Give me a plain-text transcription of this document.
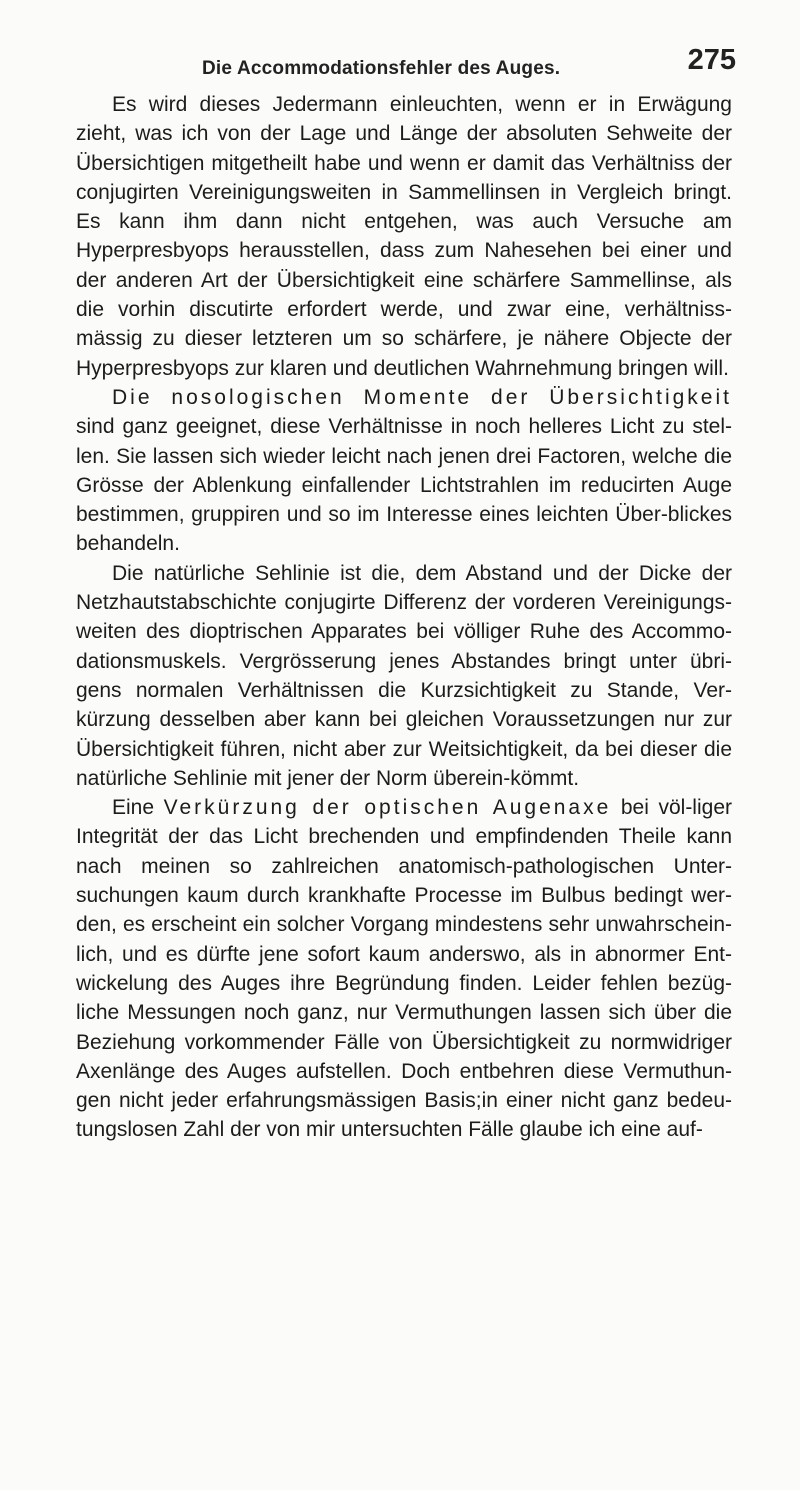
Die Accommodationsfehler des Auges.	275

Es wird dieses Jedermann einleuchten, wenn er in Erwägung zieht, was ich von der Lage und Länge der absoluten Sehweite der Übersichtigen mitgetheilt habe und wenn er damit das Verhältniss der conjugirten Vereinigungsweiten in Sammellinsen in Vergleich bringt. Es kann ihm dann nicht entgehen, was auch Versuche am Hyperpresbyops herausstellen, dass zum Nahesehen bei einer und der anderen Art der Übersichtigkeit eine schärfere Sammellinse, als die vorhin discutirte erfordert werde, und zwar eine, verhältniss-mässig zu dieser letzteren um so schärfere, je nähere Objecte der Hyperpresbyops zur klaren und deutlichen Wahrnehmung bringen will.

Die nosologischen Momente der Übersichtigkeit sind ganz geeignet, diese Verhältnisse in noch helleres Licht zu stel-len. Sie lassen sich wieder leicht nach jenen drei Factoren, welche die Grösse der Ablenkung einfallender Lichtstrahlen im reducirten Auge bestimmen, gruppiren und so im Interesse eines leichten Über-blickes behandeln.

Die natürliche Sehlinie ist die, dem Abstand und der Dicke der Netzhautstabschichte conjugirte Differenz der vorderen Vereinigungs-weiten des dioptrischen Apparates bei völliger Ruhe des Accommo-dationsmuskels. Vergrösserung jenes Abstandes bringt unter übri-gens normalen Verhältnissen die Kurzsichtigkeit zu Stande, Ver-kürzung desselben aber kann bei gleichen Voraussetzungen nur zur Übersichtigkeit führen, nicht aber zur Weitsichtigkeit, da bei dieser die natürliche Sehlinie mit jener der Norm überein-kömmt.

Eine Verkürzung der optischen Augenaxe bei völ-liger Integrität der das Licht brechenden und empfindenden Theile kann nach meinen so zahlreichen anatomisch-pathologischen Unter-suchungen kaum durch krankhafte Processe im Bulbus bedingt wer-den, es erscheint ein solcher Vorgang mindestens sehr unwahrschein-lich, und es dürfte jene sofort kaum anderswo, als in abnormer Ent-wickelung des Auges ihre Begründung finden. Leider fehlen bezüg-liche Messungen noch ganz, nur Vermuthungen lassen sich über die Beziehung vorkommender Fälle von Übersichtigkeit zu normwidriger Axenlänge des Auges aufstellen. Doch entbehren diese Vermuthun-gen nicht jeder erfahrungsmässigen Basis;in einer nicht ganz bedeu-tungslosen Zahl der von mir untersuchten Fälle glaube ich eine auf-
